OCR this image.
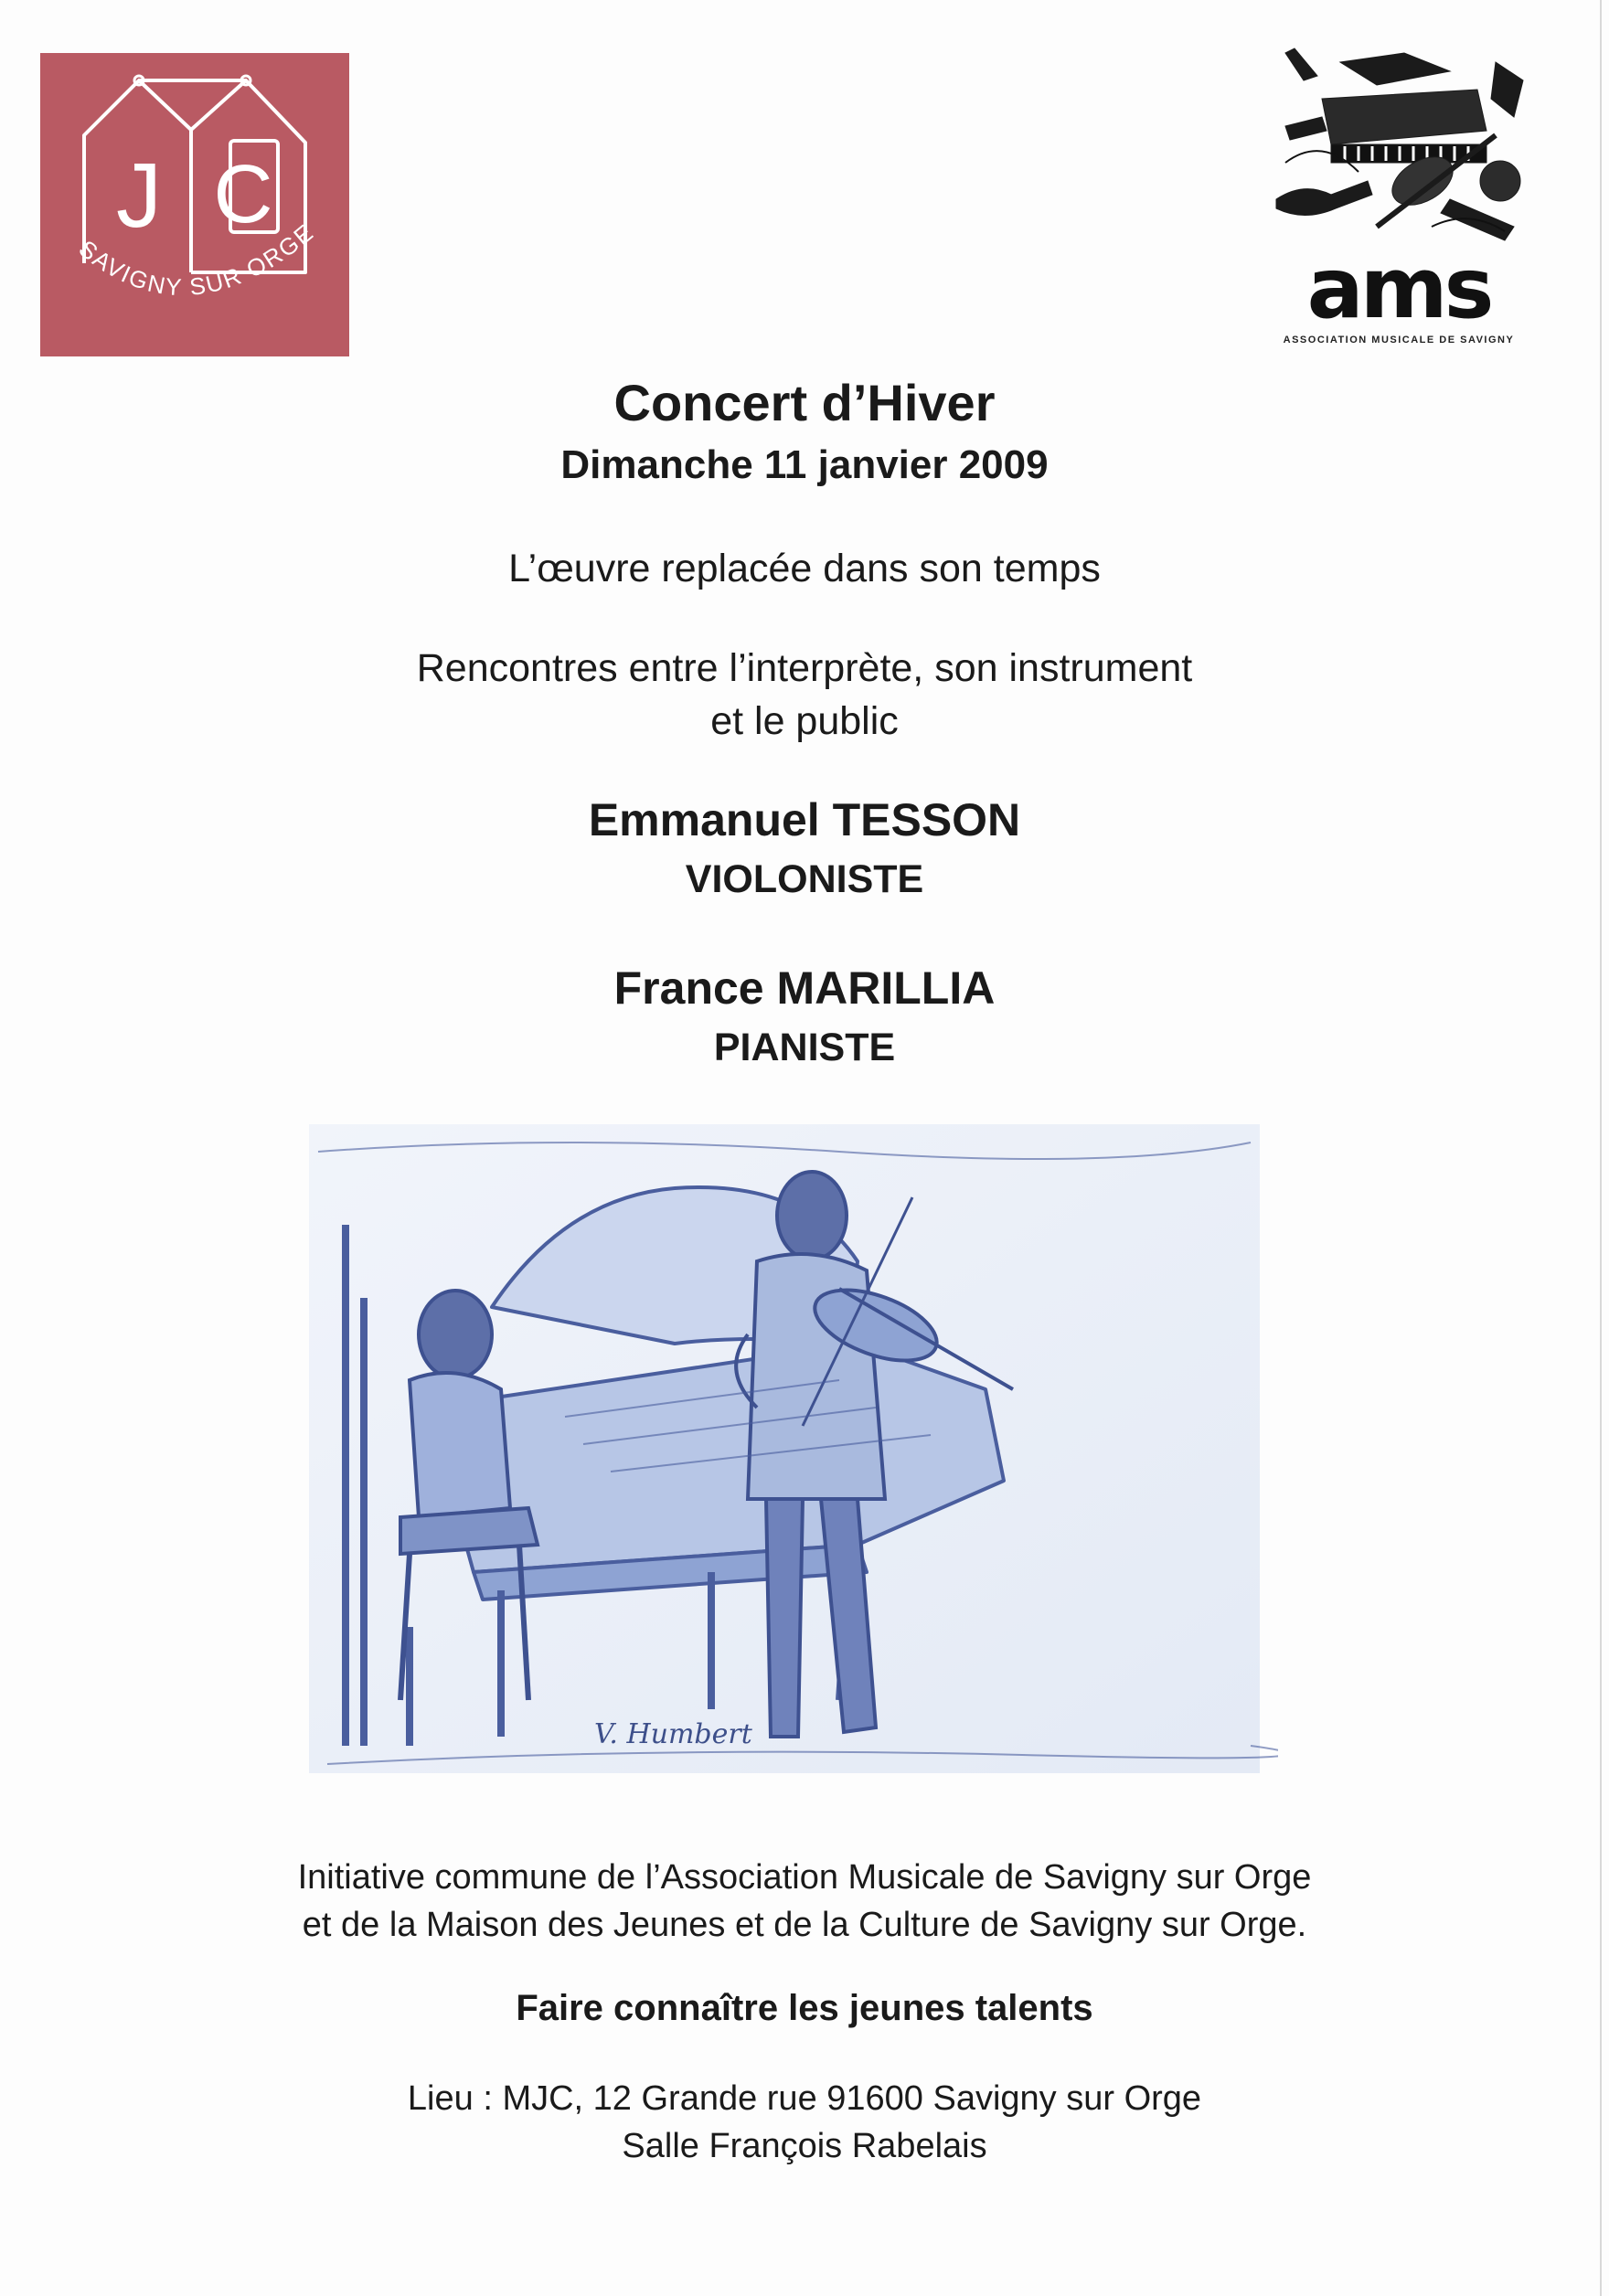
C
J
SAVIGNY SUR ORGE
ams
ASSOCIATION MUSICALE DE SAVIGNY
Concert d’Hiver
Dimanche 11 janvier 2009
L’œuvre replacée dans son temps
Rencontres entre l’interprète, son instrument
et le public
Emmanuel TESSON
VIOLONISTE
France MARILLIA
PIANISTE
V. Humbert
Initiative commune de l’Association Musicale de Savigny sur Orge
et de la Maison des Jeunes et de la Culture de Savigny sur Orge.
Faire connaître les jeunes talents
Lieu : MJC, 12 Grande rue 91600 Savigny sur Orge
Salle François Rabelais
